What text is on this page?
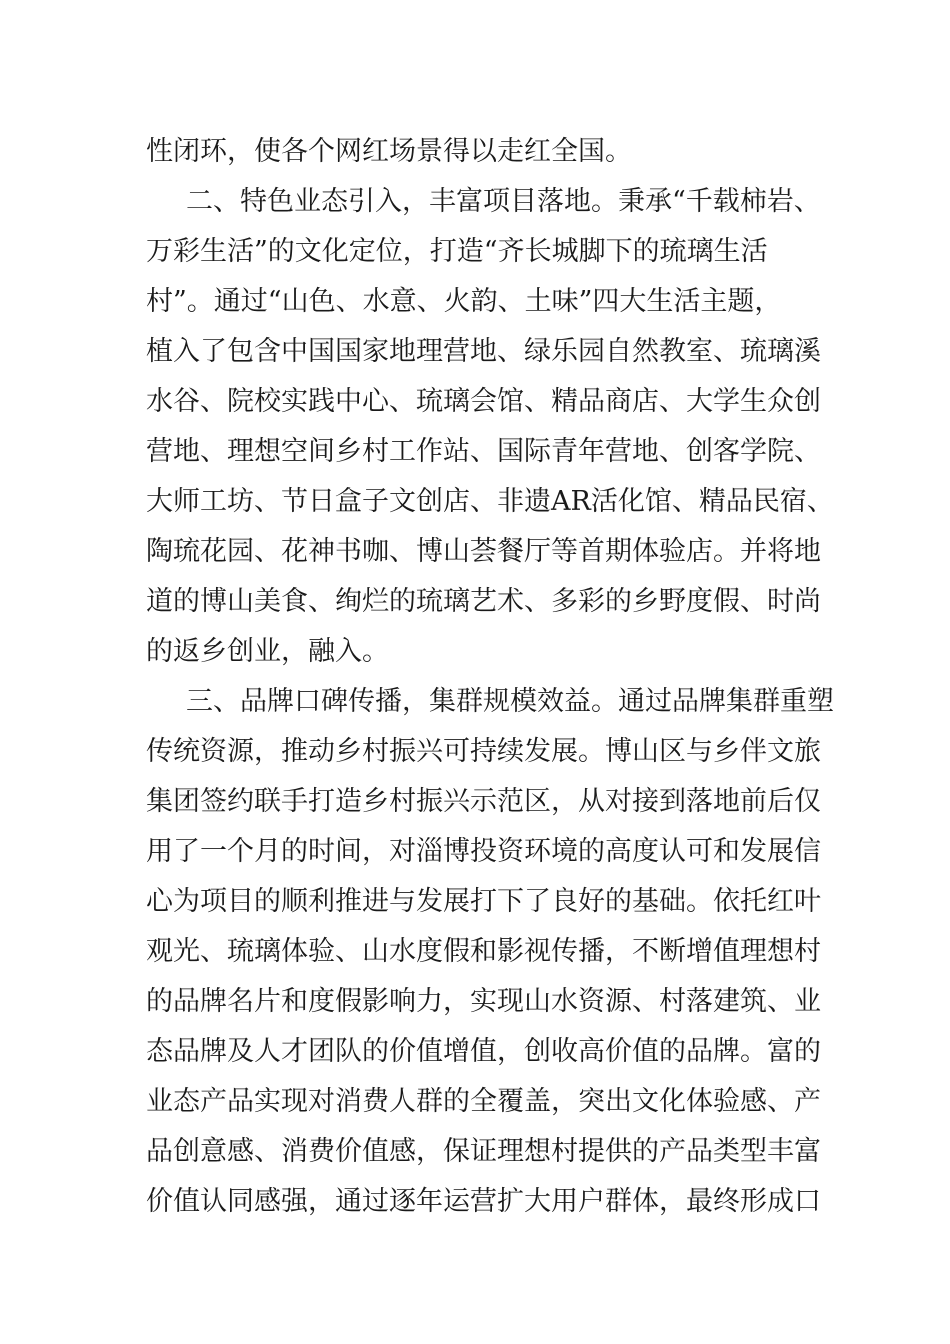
性闭环，使各个网红场景得以走红全国。
二、特色业态引入，丰富项目落地。秉承“千载柿岩、
万彩生活”的文化定位，打造“齐长城脚下的琉璃生活
村”。通过“山色、水意、火韵、土味”四大生活主题，
植入了包含中国国家地理营地、绿乐园自然教室、琉璃溪
水谷、院校实践中心、琉璃会馆、精品商店、大学生众创
营地、理想空间乡村工作站、国际青年营地、创客学院、
大师工坊、节日盒子文创店、非遗AR活化馆、精品民宿、
陶琉花园、花神书咖、博山荟餐厅等首期体验店。并将地
道的博山美食、绚烂的琉璃艺术、多彩的乡野度假、时尚
的返乡创业，融入。
三、品牌口碑传播，集群规模效益。通过品牌集群重塑
传统资源，推动乡村振兴可持续发展。博山区与乡伴文旅
集团签约联手打造乡村振兴示范区，从对接到落地前后仅
用了一个月的时间，对淄博投资环境的高度认可和发展信
心为项目的顺利推进与发展打下了良好的基础。依托红叶
观光、琉璃体验、山水度假和影视传播，不断增值理想村
的品牌名片和度假影响力，实现山水资源、村落建筑、业
态品牌及人才团队的价值增值，创收高价值的品牌。富的
业态产品实现对消费人群的全覆盖，突出文化体验感、产
品创意感、消费价值感，保证理想村提供的产品类型丰富
价值认同感强，通过逐年运营扩大用户群体，最终形成口
